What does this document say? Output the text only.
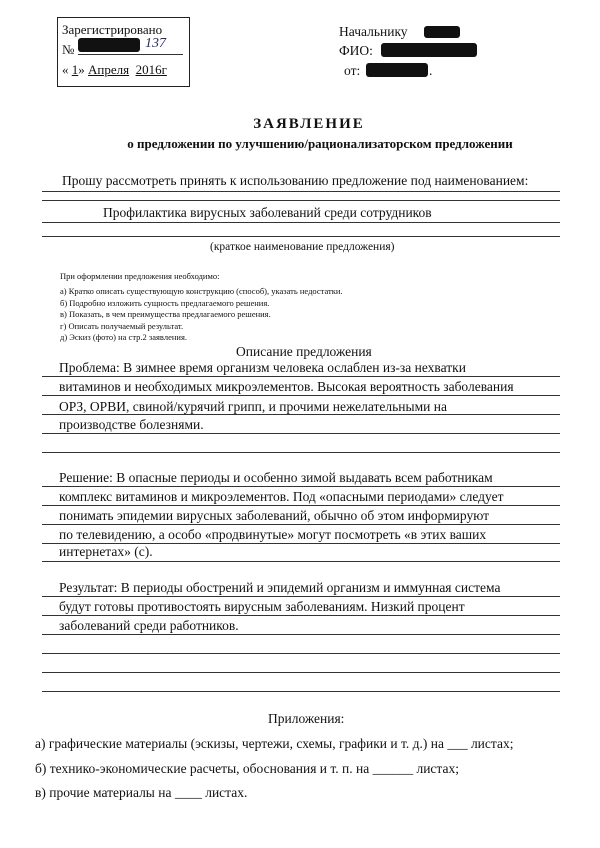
Зарегистрировано
№	137
« 1» Апреля 2016г
Начальнику
ФИО:
от:	.
ЗАЯВЛЕНИЕ
о предложении по улучшению/рационализаторском предложении
Прошу рассмотреть принять к использованию предложение под наименованием:
Профилактика вирусных заболеваний среди сотрудников
(краткое наименование предложения)
При оформлении предложения необходимо:
а) Кратко описать существующую конструкцию (способ), указать недостатки.
б) Подробно изложить сущность предлагаемого решения.
в) Показать, в чем преимущества предлагаемого решения.
г) Описать получаемый результат.
д) Эскиз (фото) на стр.2 заявления.
Описание предложения
Проблема: В зимнее время организм человека ослаблен из-за нехватки
витаминов и необходимых микроэлементов. Высокая вероятность заболевания
ОРЗ, ОРВИ, свиной/курячий грипп, и прочими нежелательными на
производстве болезнями.
Решение: В опасные периоды и особенно зимой выдавать всем работникам
комплекс витаминов и микроэлементов. Под «опасными периодами» следует
понимать эпидемии вирусных заболеваний, обычно об этом информируют
по телевидению, а особо «продвинутые» могут посмотреть «в этих ваших
интернетах» (с).
Результат: В периоды обострений и эпидемий организм и иммунная система
будут готовы противостоять вирусным заболеваниям. Низкий процент
заболеваний среди работников.
Приложения:
а) графические материалы (эскизы, чертежи, схемы, графики и т. д.) на ___ листах;
б) технико-экономические расчеты, обоснования и т. п. на ______ листах;
в) прочие материалы на ____ листах.
